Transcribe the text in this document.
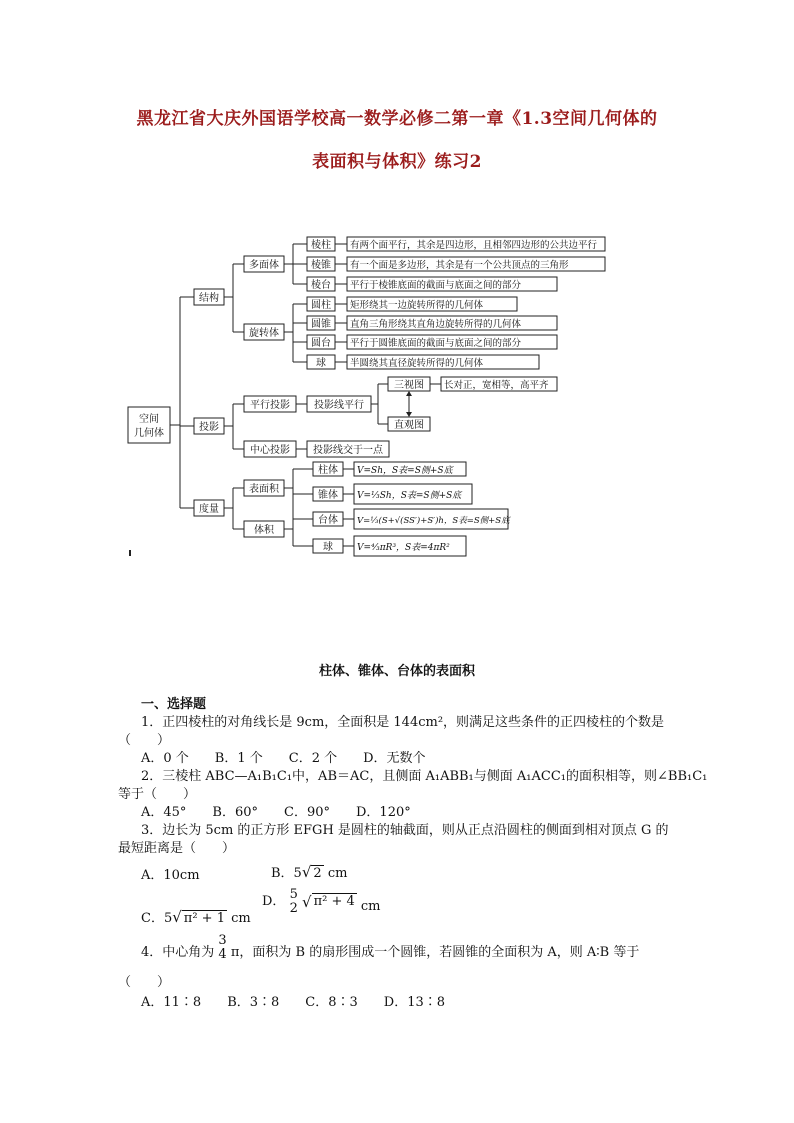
黑龙江省大庆外国语学校高一数学必修二第一章《1.3空间几何体的
表面积与体积》练习2
空间
几何体
结构
投影
度量
多面体
旋转体
棱柱
棱锥
棱台
有两个面平行，其余是四边形，且相邻四边形的公共边平行
有一个面是多边形，其余是有一个公共顶点的三角形
平行于棱锥底面的截面与底面之间的部分
圆柱
圆锥
圆台
球
矩形绕其一边旋转所得的几何体
直角三角形绕其直角边旋转所得的几何体
平行于圆锥底面的截面与底面之间的部分
半圆绕其直径旋转所得的几何体
平行投影
中心投影
投影线平行
投影线交于一点
三视图
直观图
长对正，宽相等，高平齐
表面积
体积
柱体
锥体
台体
球
V=Sh，S表=S侧+S底
V=⅓Sh，S表=S侧+S底
V=⅓(S+√(SS′)+S′)h，S表=S侧+S底
V=⁴⁄₃πR³，S表=4πR²
柱体、锥体、台体的表面积
一、选择题
1．正四棱柱的对角线长是 9cm，全面积是 144cm²，则满足这些条件的正四棱柱的个数是
（　　）
A．0 个　　B．1 个　　C．2 个　　D．无数个
2．三棱柱 ABC—A₁B₁C₁中，AB＝AC，且侧面 A₁ABB₁与侧面 A₁ACC₁的面积相等，则∠BB₁C₁
等于（　　）
A．45°　　B．60°　　C．90°　　D．120°
3．边长为 5cm 的正方形 EFGH 是圆柱的轴截面，则从正点沿圆柱的侧面到相对顶点 G 的
最短距离是（　　）
A．10cm	B．5√ 2 cm
C．5√ π² + 1 cm
D． 5
2 √ π² + 4 cm
4．中心角为
3
4 π，面积为 B 的扇形围成一个圆锥，若圆锥的全面积为 A，则 A∶B 等于
（　　）
A．11∶8　　B．3∶8　　C．8∶3　　D．13∶8
